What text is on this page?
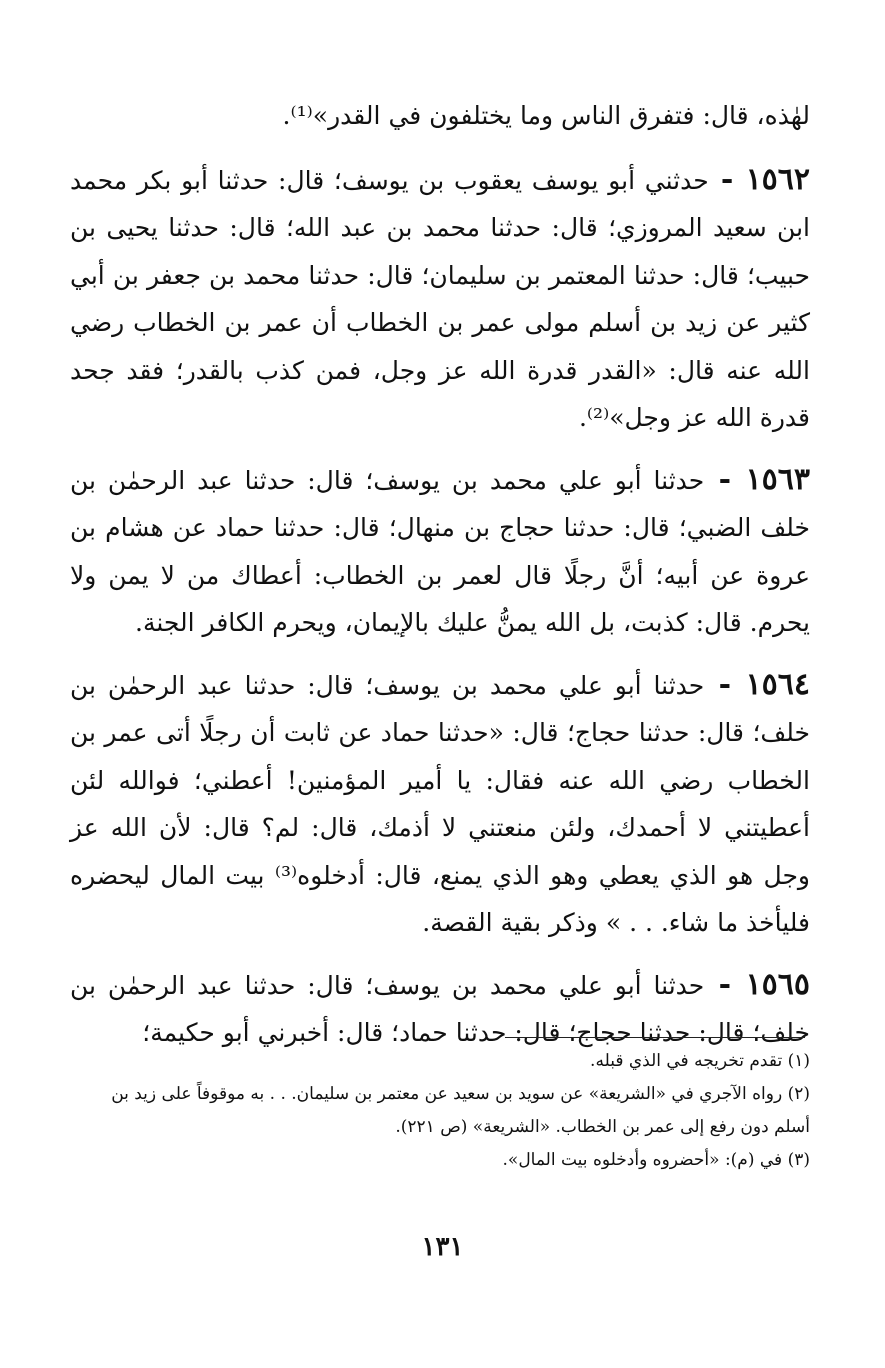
لهٰذه، قال: فتفرق الناس وما يختلفون في القدر»⁽¹⁾.

١٥٦٢ - حدثني أبو يوسف يعقوب بن يوسف؛ قال: حدثنا أبو بكر محمد ابن سعيد المروزي؛ قال: حدثنا محمد بن عبد الله؛ قال: حدثنا يحيى بن حبيب؛ قال: حدثنا المعتمر بن سليمان؛ قال: حدثنا محمد بن جعفر بن أبي كثير عن زيد بن أسلم مولى عمر بن الخطاب أن عمر بن الخطاب رضي الله عنه قال: «القدر قدرة الله عز وجل، فمن كذب بالقدر؛ فقد جحد قدرة الله عز وجل»⁽²⁾.

١٥٦٣ - حدثنا أبو علي محمد بن يوسف؛ قال: حدثنا عبد الرحمٰن بن خلف الضبي؛ قال: حدثنا حجاج بن منهال؛ قال: حدثنا حماد عن هشام بن عروة عن أبيه؛ أنَّ رجلًا قال لعمر بن الخطاب: أعطاك من لا يمن ولا يحرم. قال: كذبت، بل الله يمنُّ عليك بالإيمان، ويحرم الكافر الجنة.

١٥٦٤ - حدثنا أبو علي محمد بن يوسف؛ قال: حدثنا عبد الرحمٰن بن خلف؛ قال: حدثنا حجاج؛ قال: «حدثنا حماد عن ثابت أن رجلًا أتى عمر بن الخطاب رضي الله عنه فقال: يا أمير المؤمنين! أعطني؛ فوالله لئن أعطيتني لا أحمدك، ولئن منعتني لا أذمك، قال: لم؟ قال: لأن الله عز وجل هو الذي يعطي وهو الذي يمنع، قال: أدخلوه⁽³⁾ بيت المال ليحضره فليأخذ ما شاء. . . » وذكر بقية القصة.

١٥٦٥ - حدثنا أبو علي محمد بن يوسف؛ قال: حدثنا عبد الرحمٰن بن خلف؛ قال: حدثنا حجاج؛ قال: حدثنا حماد؛ قال: أخبرني أبو حكيمة؛

(١) تقدم تخريجه في الذي قبله.

(٢) رواه الآجري في «الشريعة» عن سويد بن سعيد عن معتمر بن سليمان. . . به موقوفاً على زيد بن أسلم دون رفع إلى عمر بن الخطاب. «الشريعة» (ص ٢٢١).

(٣) في (م): «أحضروه وأدخلوه بيت المال».

١٣١
